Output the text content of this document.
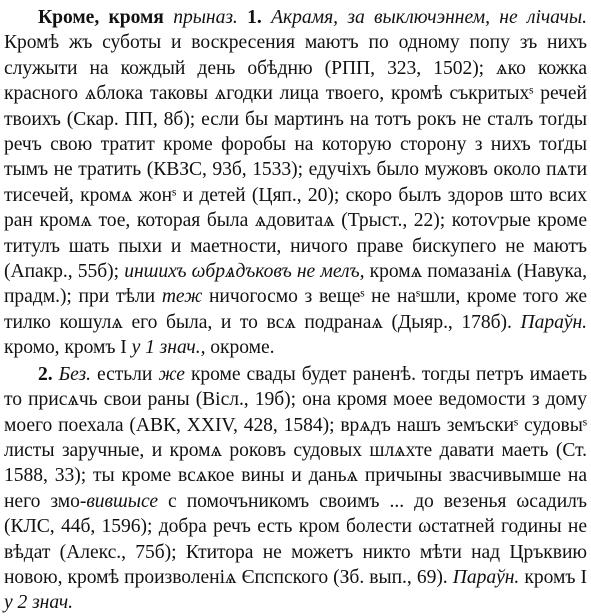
Кроме, кромя прыназ. 1. Акрамя, за выключэннем, не лічачы. Кромѣ жъ суботы и воскресения маютъ по одному попу зъ нихъ служыти на кождый день обѣдню (РПП, 323, 1502); ѧко кожка красного ѧблока таковы ѧгодки лица твоего, кромѣ съкритыхˢ речей твоихъ (Скар. ПП, 8б); если бы мартинъ на тотъ рокъ не сталъ тоґды речъ свою тратит кроме форобы на которую сторону з нихъ тоґды тымъ не тратить (КВЗС, 93б, 1533); едучіхъ было мужовъ около пѧти тисечей, кромѧ жонˢ и детей (Цяп., 20); скоро былъ здоров што всих ран кромѧ тое, которая была ѧдовитаѧ (Трыст., 22); котоѵрые кроме титулъ шать пыхи и маетности, ничого праве бискупего не маютъ (Апакр., 55б); иншихъ ωбрѧдъковъ не мелъ, кромѧ помазаніѧ (Навука, прадм.); при тѣли теж ничогосмо з вещеˢ не наˢшли, кроме того же тилко кошулѧ его была, и то всѧ подранаѧ (Дыяр., 178б). Параўн. кромо, кромъ I у 1 знач., окроме.

2. Без. естьли же кроме свады будет раненѣ. тогды петръ имаеть то присѧчь свои раны (Вісл., 19б); она кромя моее ведомости з дому моего поехала (АВК, XXIV, 428, 1584); врѧдъ нашъ земъскиˢ судовыˢ листы заручные, и кромѧ роковъ судовых шлѧхте давати маеть (Ст. 1588, 33); ты кроме всѧкое вины и даньѧ причыны звасчивымше на него змо-вившысе с помочъникомъ своимъ ... до везенья ωсадилъ (КЛС, 44б, 1596); добра речъ есть кром болести ωстатней годины не вѣдат (Алекс., 75б); Ктитора не можетъ никто мѣти над Цръквию новою, кромѣ произволеніѧ Єпспского (Зб. вып., 69). Параўн. кромъ I у 2 знач.
